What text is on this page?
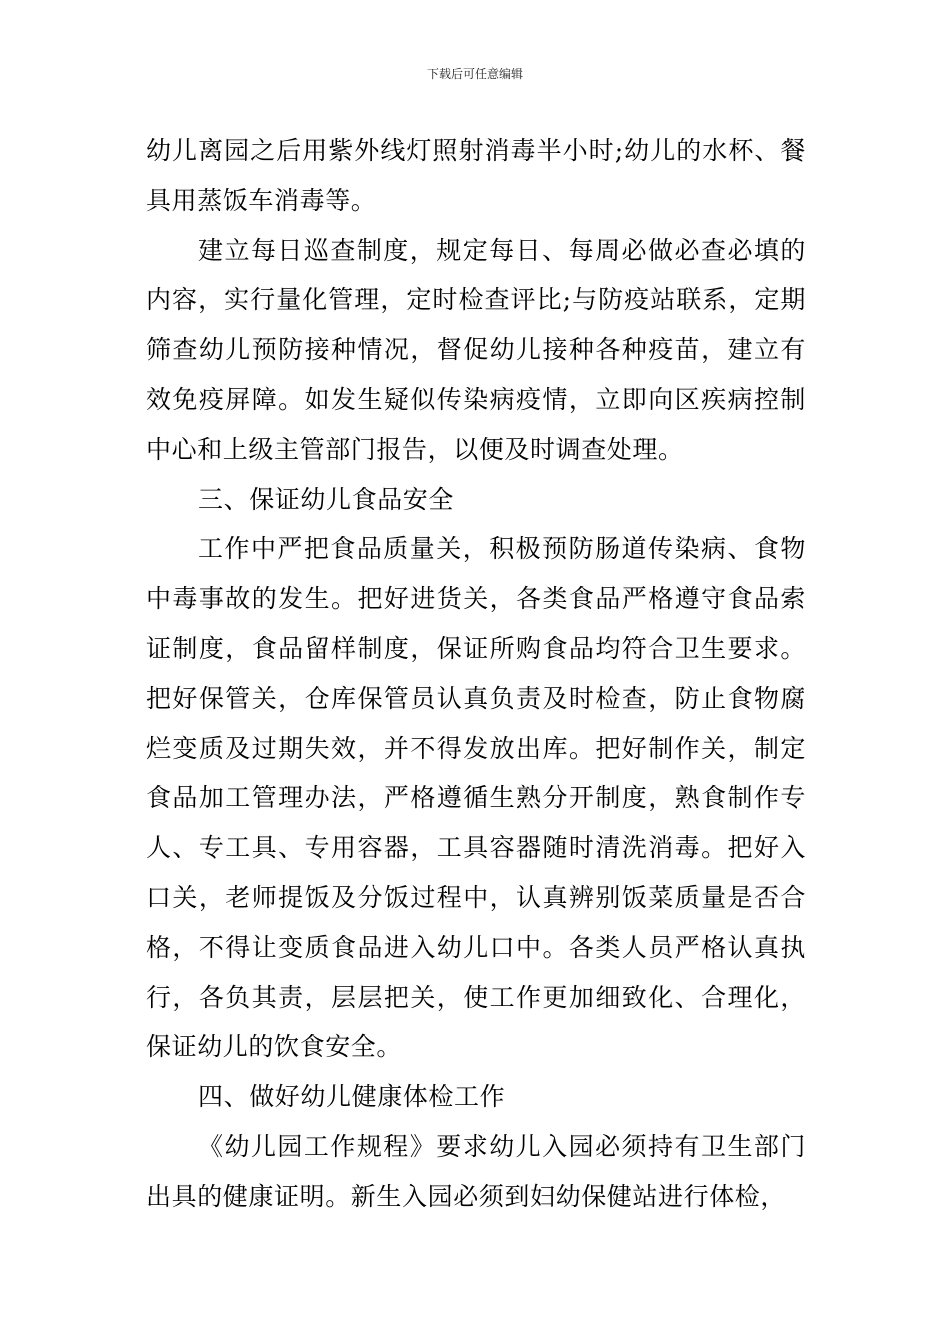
下载后可任意编辑

幼儿离园之后用紫外线灯照射消毒半小时;幼儿的水杯、餐具用蒸饭车消毒等。

建立每日巡查制度，规定每日、每周必做必查必填的内容，实行量化管理，定时检查评比;与防疫站联系，定期筛查幼儿预防接种情况，督促幼儿接种各种疫苗，建立有效免疫屏障。如发生疑似传染病疫情，立即向区疾病控制中心和上级主管部门报告，以便及时调查处理。

三、保证幼儿食品安全

工作中严把食品质量关，积极预防肠道传染病、食物中毒事故的发生。把好进货关，各类食品严格遵守食品索证制度，食品留样制度，保证所购食品均符合卫生要求。把好保管关，仓库保管员认真负责及时检查，防止食物腐烂变质及过期失效，并不得发放出库。把好制作关，制定食品加工管理办法，严格遵循生熟分开制度，熟食制作专人、专工具、专用容器，工具容器随时清洗消毒。把好入口关，老师提饭及分饭过程中，认真辨别饭菜质量是否合格，不得让变质食品进入幼儿口中。各类人员严格认真执行，各负其责，层层把关，使工作更加细致化、合理化，保证幼儿的饮食安全。

四、做好幼儿健康体检工作

《幼儿园工作规程》要求幼儿入园必须持有卫生部门出具的健康证明。新生入园必须到妇幼保健站进行体检，
